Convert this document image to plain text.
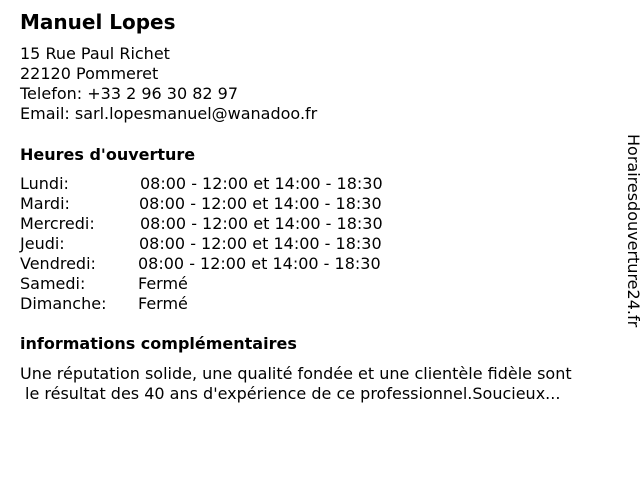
Manuel Lopes
15 Rue Paul Richet
22120 Pommeret
Telefon: +33 2 96 30 82 97
Email: sarl.lopesmanuel@wanadoo.fr
Heures d'ouverture
Lundi:	08:00 - 12:00 et 14:00 - 18:30
Mardi:	08:00 - 12:00 et 14:00 - 18:30
Mercredi:	08:00 - 12:00 et 14:00 - 18:30
Jeudi:	08:00 - 12:00 et 14:00 - 18:30
Vendredi:	08:00 - 12:00 et 14:00 - 18:30
Samedi:	Fermé
Dimanche: Fermé
informations complémentaires
Une réputation solide, une qualité fondée et une clientèle fidèle sont
le résultat des 40 ans d'expérience de ce professionnel.Soucieux...
Horairesdouverture24.fr
